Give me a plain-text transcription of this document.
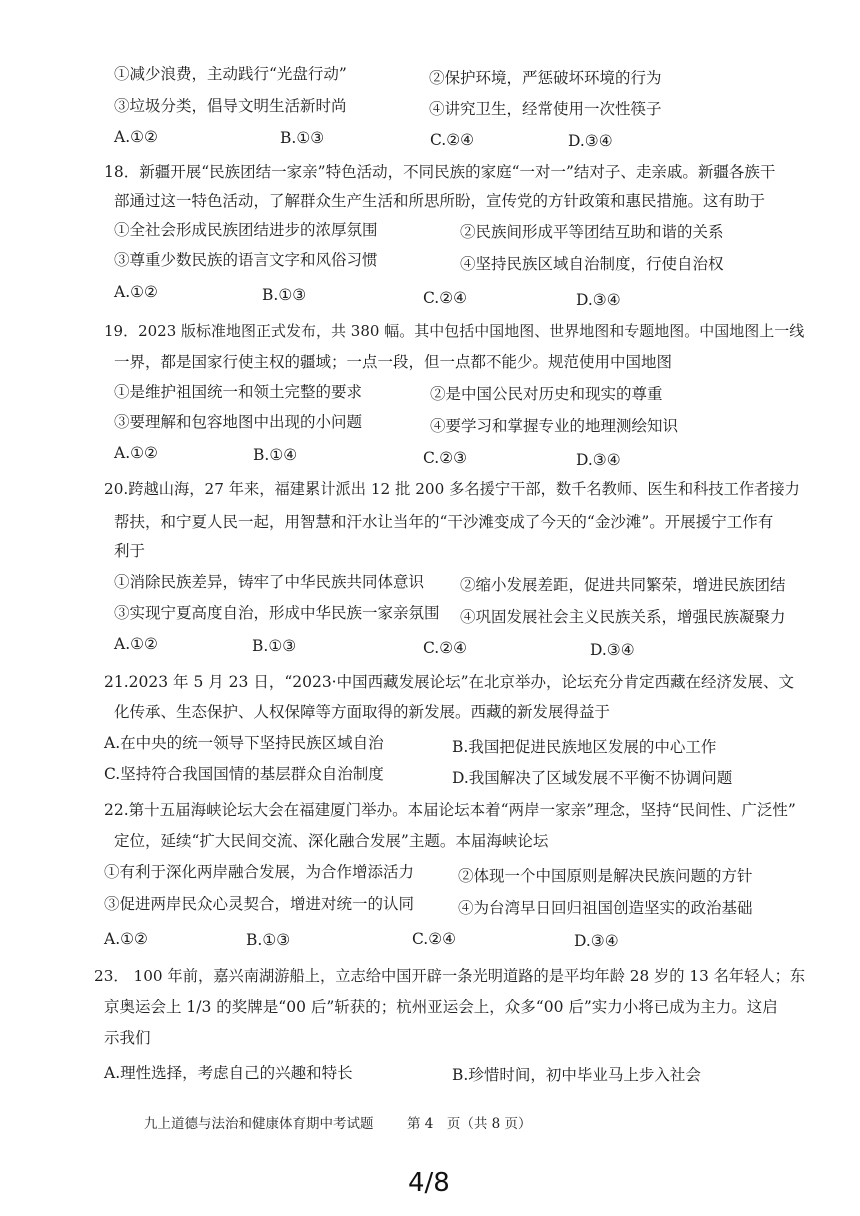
①减少浪费，主动践行“光盘行动”	②保护环境，严惩破坏环境的行为
③垃圾分类，倡导文明生活新时尚	④讲究卫生，经常使用一次性筷子
A.①②	B.①③	C.②④	D.③④
18．新疆开展“民族团结一家亲”特色活动，不同民族的家庭“一对一”结对子、走亲戚。新疆各族干
部通过这一特色活动，了解群众生产生活和所思所盼，宣传党的方针政策和惠民措施。这有助于
①全社会形成民族团结进步的浓厚氛围	②民族间形成平等团结互助和谐的关系
③尊重少数民族的语言文字和风俗习惯	④坚持民族区域自治制度，行使自治权
A.①②	B.①③	C.②④	D.③④
19．2023 版标准地图正式发布，共 380 幅。其中包括中国地图、世界地图和专题地图。中国地图上一线
一界，都是国家行使主权的疆域；一点一段，但一点都不能少。规范使用中国地图
①是维护祖国统一和领土完整的要求	②是中国公民对历史和现实的尊重
③要理解和包容地图中出现的小问题	④要学习和掌握专业的地理测绘知识
A.①②	B.①④	C.②③	D.③④
20.跨越山海，27 年来，福建累计派出 12 批 200 多名援宁干部，数千名教师、医生和科技工作者接力
帮扶，和宁夏人民一起，用智慧和汗水让当年的“干沙滩变成了今天的“金沙滩”。开展援宁工作有
利于
①消除民族差异，铸牢了中华民族共同体意识 ②缩小发展差距，促进共同繁荣，增进民族团结
③实现宁夏高度自治，形成中华民族一家亲氛围 ④巩固发展社会主义民族关系，增强民族凝聚力
A.①②	B.①③	C.②④	D.③④
21.2023 年 5 月 23 日，“2023·中国西藏发展论坛”在北京举办，论坛充分肯定西藏在经济发展、文
化传承、生态保护、人权保障等方面取得的新发展。西藏的新发展得益于
A.在中央的统一领导下坚持民族区域自治	B.我国把促进民族地区发展的中心工作
C.坚持符合我国国情的基层群众自治制度	D.我国解决了区域发展不平衡不协调问题
22.第十五届海峡论坛大会在福建厦门举办。本届论坛本着“两岸一家亲”理念，坚持“民间性、广泛性”
定位，延续“扩大民间交流、深化融合发展”主题。本届海峡论坛
①有利于深化两岸融合发展，为合作增添活力	②体现一个中国原则是解决民族问题的方针
③促进两岸民众心灵契合，增进对统一的认同	④为台湾早日回归祖国创造坚实的政治基础
A.①②	B.①③	C.②④	D.③④
23． 100 年前，嘉兴南湖游船上，立志给中国开辟一条光明道路的是平均年龄 28 岁的 13 名年轻人；东
京奥运会上 1/3 的奖牌是“00 后”斩获的；杭州亚运会上，众多“00 后”实力小将已成为主力。这启
示我们
A.理性选择，考虑自己的兴趣和特长	B.珍惜时间，初中毕业马上步入社会
九上道德与法治和健康体育期中考试题 第 4　页（共 8 页）
4/8
